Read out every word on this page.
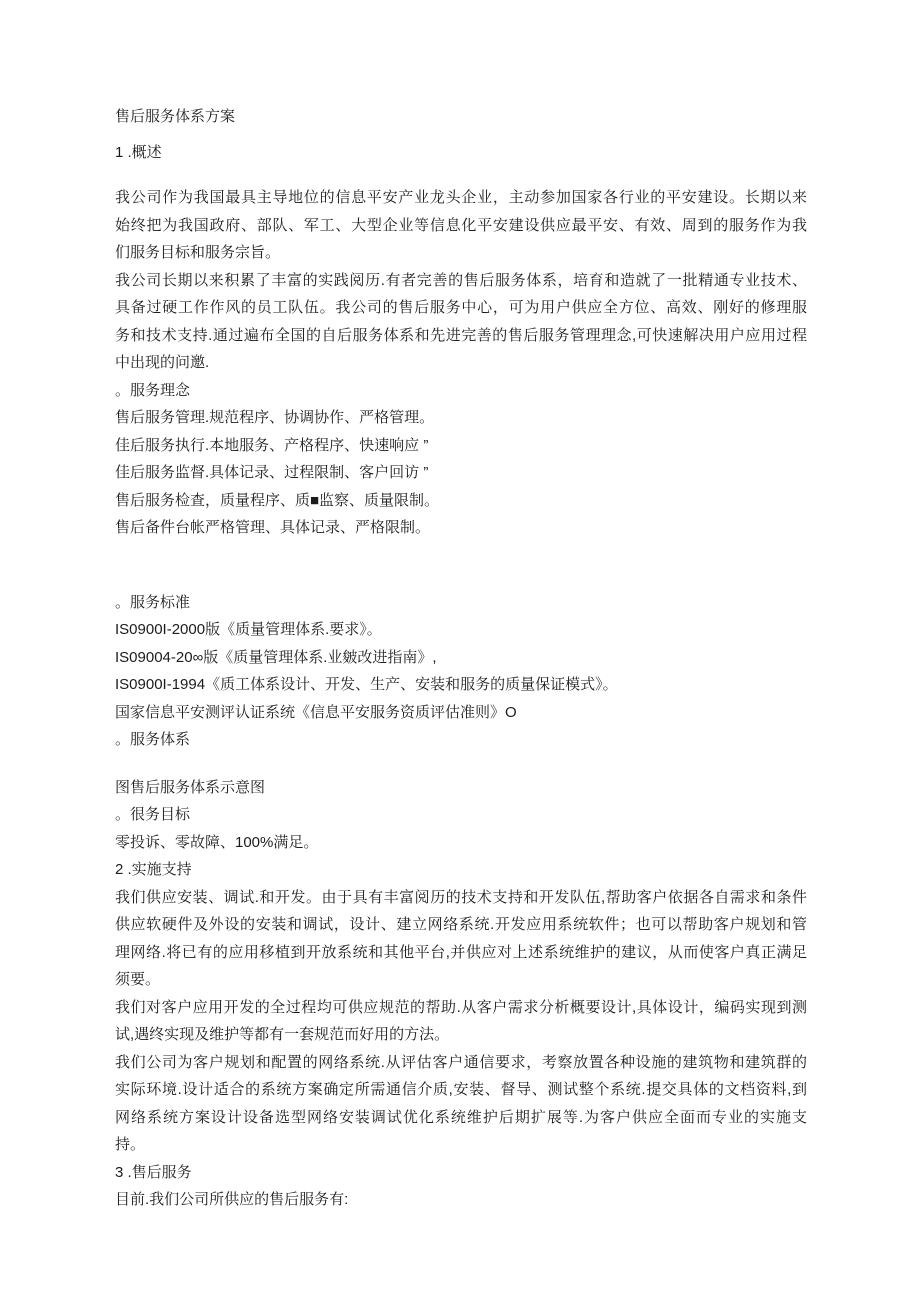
售后服务体系方案
1 .概述
我公司作为我国最具主导地位的信息平安产业龙头企业，主动参加国家各行业的平安建设。长期以来
始终把为我国政府、部队、军工、大型企业等信息化平安建设供应最平安、有效、周到的服务作为我
们服务目标和服务宗旨。
我公司长期以来积累了丰富的实践阅历.有者完善的售后服务体系，培育和造就了一批精通专业技术、
具备过硬工作作风的员工队伍。我公司的售后服务中心，可为用户供应全方位、高效、刚好的修理服
务和技术支持.通过遍布全国的自后服务体系和先进完善的售后服务管理理念,可快速解决用户应用过程
中出现的问邀.
。服务理念
售后服务管理.规范程序、协调协作、严格管理。
佳后服务执行.本地服务、产格程序、快速响应 ”
佳后服务监督.具体记录、过程限制、客户回访 ”
售后服务检查，质量程序、质■监察、质量限制。
售后备件台帐严格管理、具体记录、严格限制。
。服务标准
IS0900I-2000版《质量管理体系.要求》。
IS09004-20∞版《质量管理体系.业皴改进指南》,
IS0900I-1994《质工体系设计、开发、生产、安装和服务的质量保证模式》。
国家信息平安测评认证系统《信息平安服务资质评估准则》O
。服务体系
图售后服务体系示意图
。很务目标
零投诉、零故障、100%满足。
2 .实施支持
我们供应安装、调试.和开发。由于具有丰富阅历的技术支持和开发队伍,帮助客户依据各自需求和条件
供应软硬件及外设的安装和调试，设计、建立网络系统.开发应用系统软件；也可以帮助客户规划和管
理网络.将已有的应用移植到开放系统和其他平台,并供应对上述系统维护的建议，从而使客户真正满足
须要。
我们对客户应用开发的全过程均可供应规范的帮助.从客户需求分析概要设计,具体设计，编码实现到测
试,遇终实现及维护等都有一套规范而好用的方法。
我们公司为客户规划和配置的网络系统.从评估客户通信要求，考察放置各种设施的建筑物和建筑群的
实际环境.设计适合的系统方案确定所需通信介质,安装、督导、测试整个系统.提交具体的文档资料,到
网络系统方案设计设备选型网络安装调试优化系统维护后期扩展等.为客户供应全面而专业的实施支
持。
3 .售后服务
目前.我们公司所供应的售后服务有:
